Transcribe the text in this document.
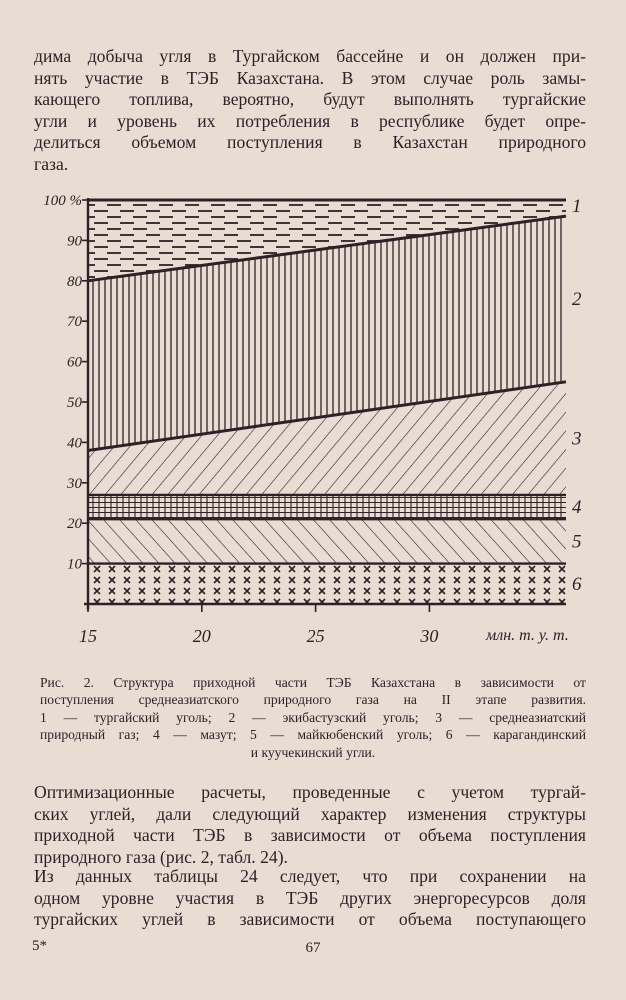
дима добыча угля в Тургайском бассейне и он должен при-
нять участие в ТЭБ Казахстана. В этом случае роль замы-
кающего топлива, вероятно, будут выполнять тургайские
угли и уровень их потребления в республике будет опре-
делиться объемом поступления в Казахстан природного
газа.
10
20
30
40
50
60
70
80
90
100 %
15	20	25	30
6
5
4
3
2
1
млн. т. у. т.
Рис. 2. Структура приходной части ТЭБ Казахстана в зависимости от
поступления среднеазиатского природного газа на II этапе развития.
1 — тургайский уголь; 2 — экибастузский уголь; 3 — среднеазиатский
природный газ; 4 — мазут; 5 — майкюбенский уголь; 6 — карагандинский
и куучекинский угли.
Оптимизационные расчеты, проведенные с учетом тургай-
ских углей, дали следующий характер изменения структуры
приходной части ТЭБ в зависимости от объема поступления
природного газа (рис. 2, табл. 24).
Из данных таблицы 24 следует, что при сохранении на
одном уровне участия в ТЭБ других энергоресурсов доля
тургайских углей в зависимости от объема поступающего
5*	67
